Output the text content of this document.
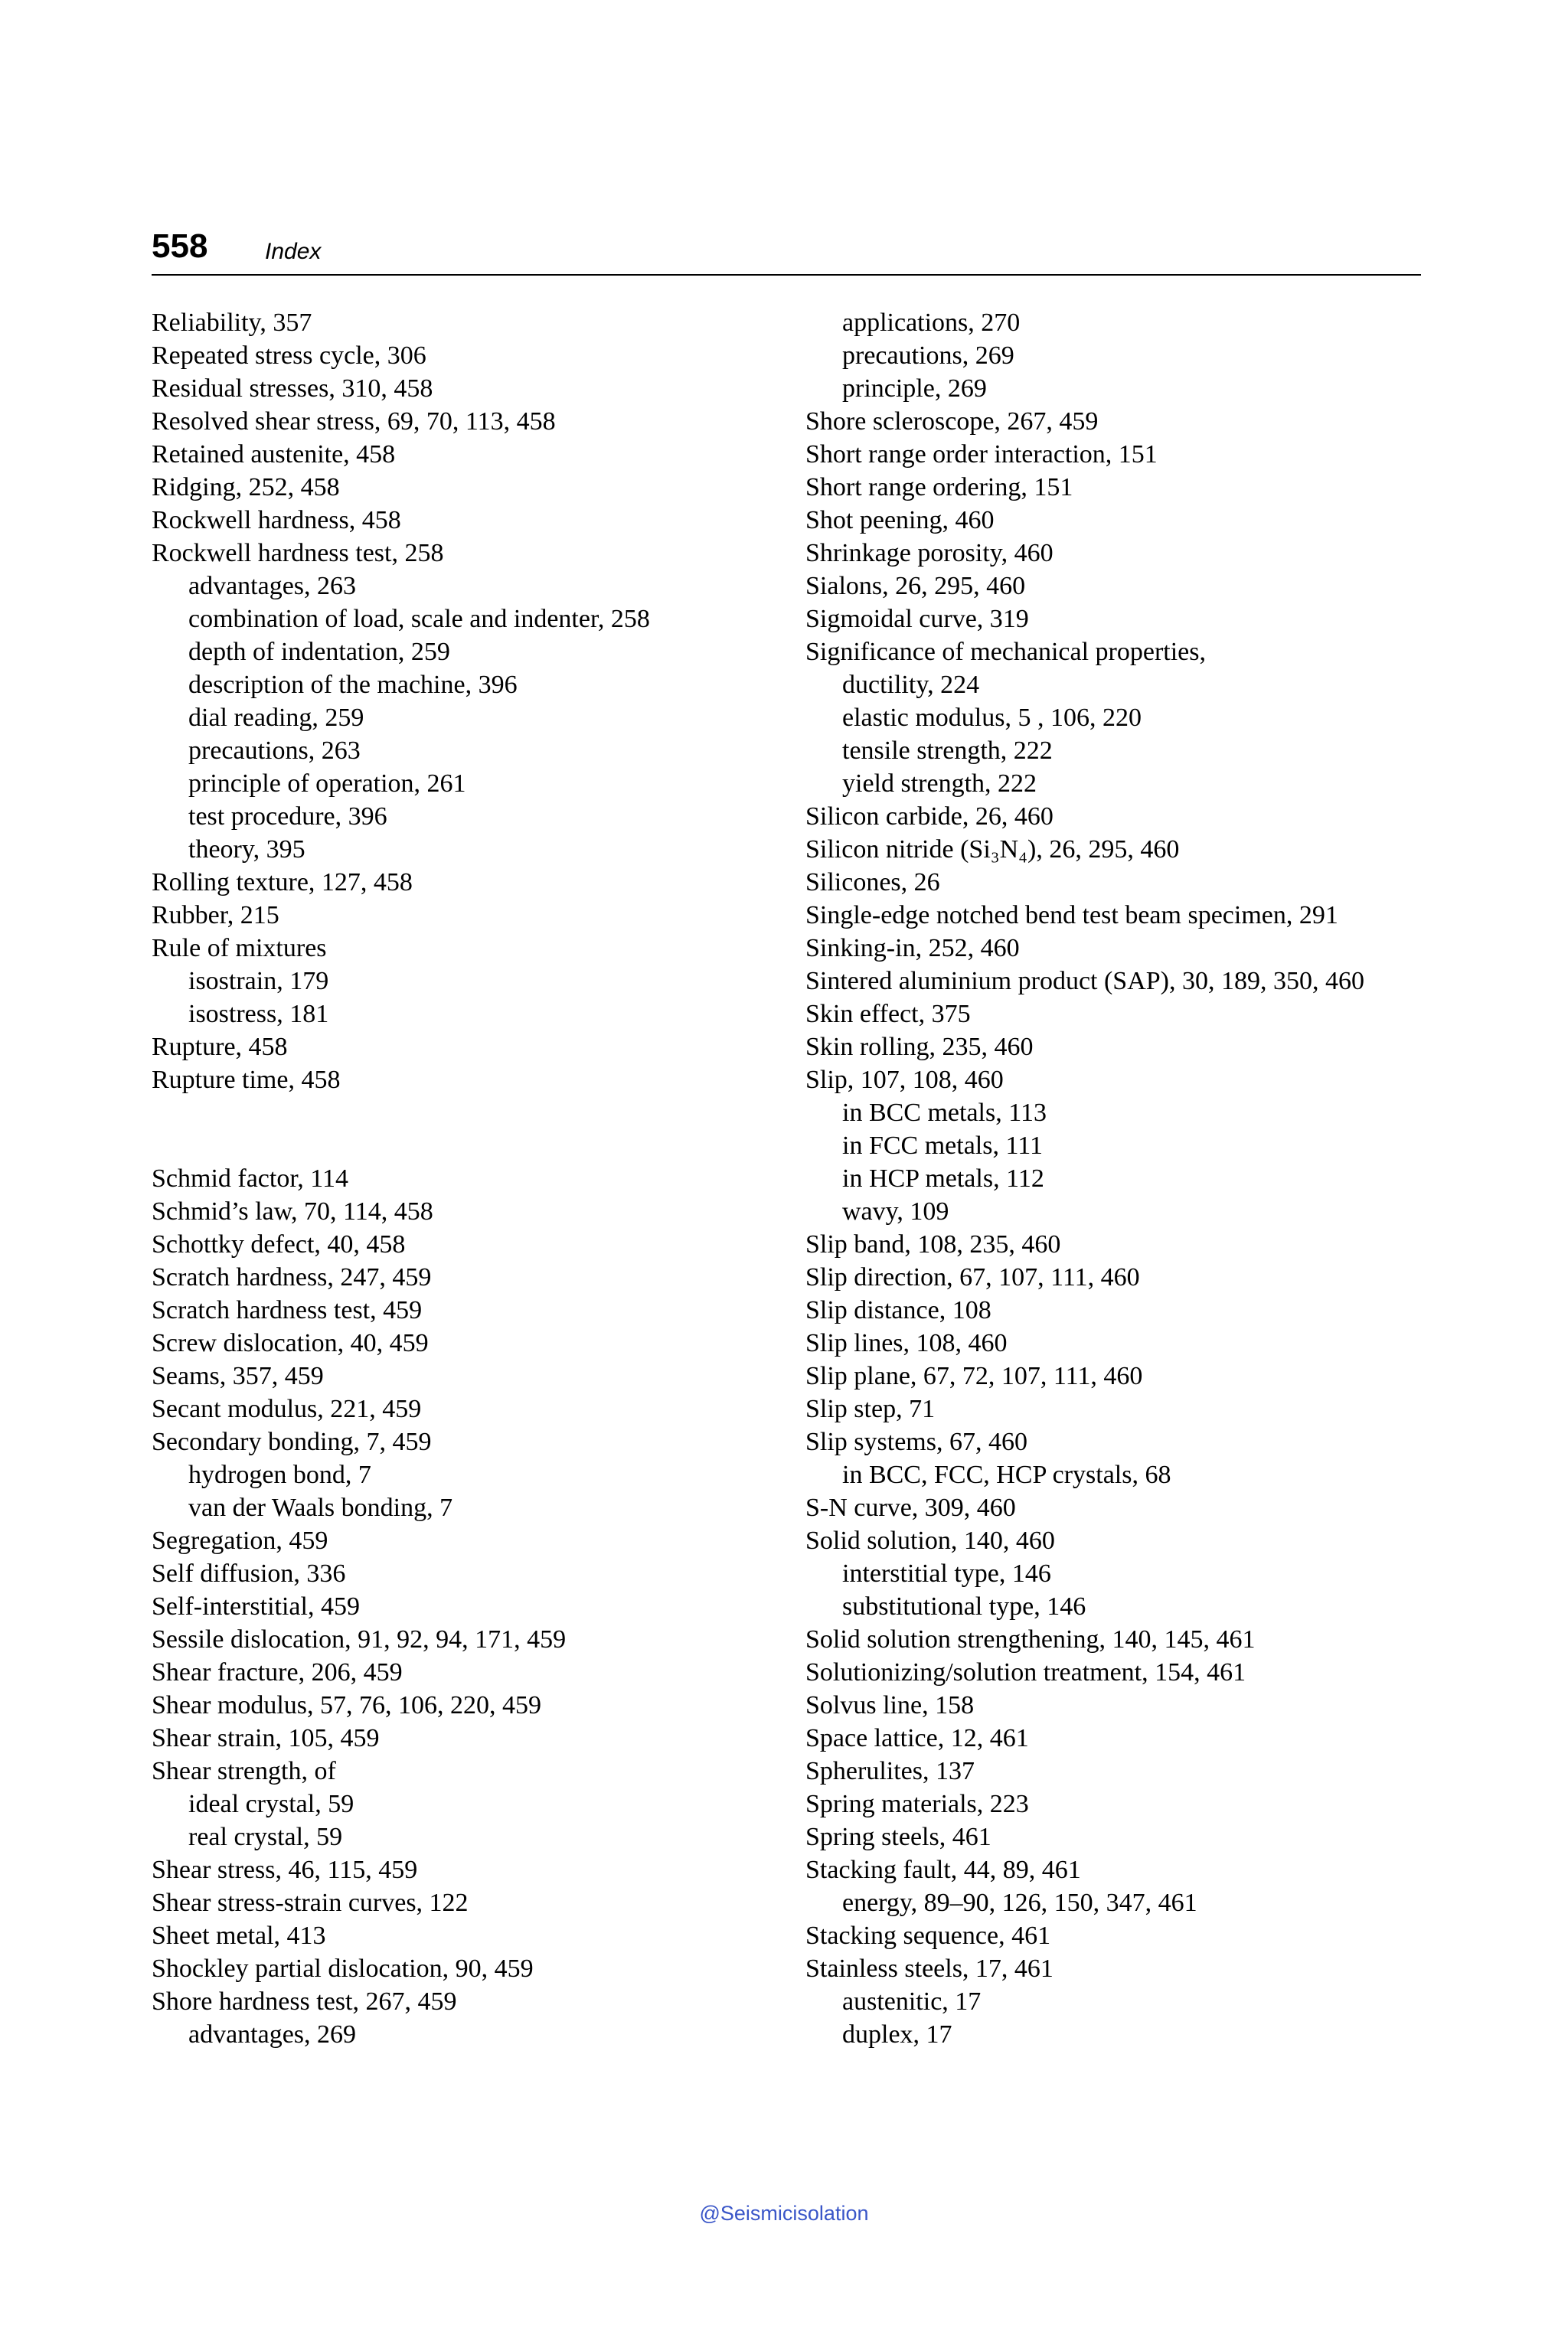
558 Index
Reliability, 357
Repeated stress cycle, 306
Residual stresses, 310, 458
Resolved shear stress, 69, 70, 113, 458
Retained austenite, 458
Ridging, 252, 458
Rockwell hardness, 458
Rockwell hardness test, 258
advantages, 263
combination of load, scale and indenter, 258
depth of indentation, 259
description of the machine, 396
dial reading, 259
precautions, 263
principle of operation, 261
test procedure, 396
theory, 395
Rolling texture, 127, 458
Rubber, 215
Rule of mixtures
isostrain, 179
isostress, 181
Rupture, 458
Rupture time, 458
Schmid factor, 114
Schmid’s law, 70, 114, 458
Schottky defect, 40, 458
Scratch hardness, 247, 459
Scratch hardness test, 459
Screw dislocation, 40, 459
Seams, 357, 459
Secant modulus, 221, 459
Secondary bonding, 7, 459
hydrogen bond, 7
van der Waals bonding, 7
Segregation, 459
Self diffusion, 336
Self-interstitial, 459
Sessile dislocation, 91, 92, 94, 171, 459
Shear fracture, 206, 459
Shear modulus, 57, 76, 106, 220, 459
Shear strain, 105, 459
Shear strength, of
ideal crystal, 59
real crystal, 59
Shear stress, 46, 115, 459
Shear stress-strain curves, 122
Sheet metal, 413
Shockley partial dislocation, 90, 459
Shore hardness test, 267, 459
advantages, 269
applications, 270
precautions, 269
principle, 269
Shore scleroscope, 267, 459
Short range order interaction, 151
Short range ordering, 151
Shot peening, 460
Shrinkage porosity, 460
Sialons, 26, 295, 460
Sigmoidal curve, 319
Significance of mechanical properties,
ductility, 224
elastic modulus, 5 , 106, 220
tensile strength, 222
yield strength, 222
Silicon carbide, 26, 460
Silicon nitride (Si₃N₄), 26, 295, 460
Silicones, 26
Single-edge notched bend test beam specimen, 291
Sinking-in, 252, 460
Sintered aluminium product (SAP), 30, 189, 350, 460
Skin effect, 375
Skin rolling, 235, 460
Slip, 107, 108, 460
in BCC metals, 113
in FCC metals, 111
in HCP metals, 112
wavy, 109
Slip band, 108, 235, 460
Slip direction, 67, 107, 111, 460
Slip distance, 108
Slip lines, 108, 460
Slip plane, 67, 72, 107, 111, 460
Slip step, 71
Slip systems, 67, 460
in BCC, FCC, HCP crystals, 68
S-N curve, 309, 460
Solid solution, 140, 460
interstitial type, 146
substitutional type, 146
Solid solution strengthening, 140, 145, 461
Solutionizing/solution treatment, 154, 461
Solvus line, 158
Space lattice, 12, 461
Spherulites, 137
Spring materials, 223
Spring steels, 461
Stacking fault, 44, 89, 461
energy, 89–90, 126, 150, 347, 461
Stacking sequence, 461
Stainless steels, 17, 461
austenitic, 17
duplex, 17
@Seismicisolation
